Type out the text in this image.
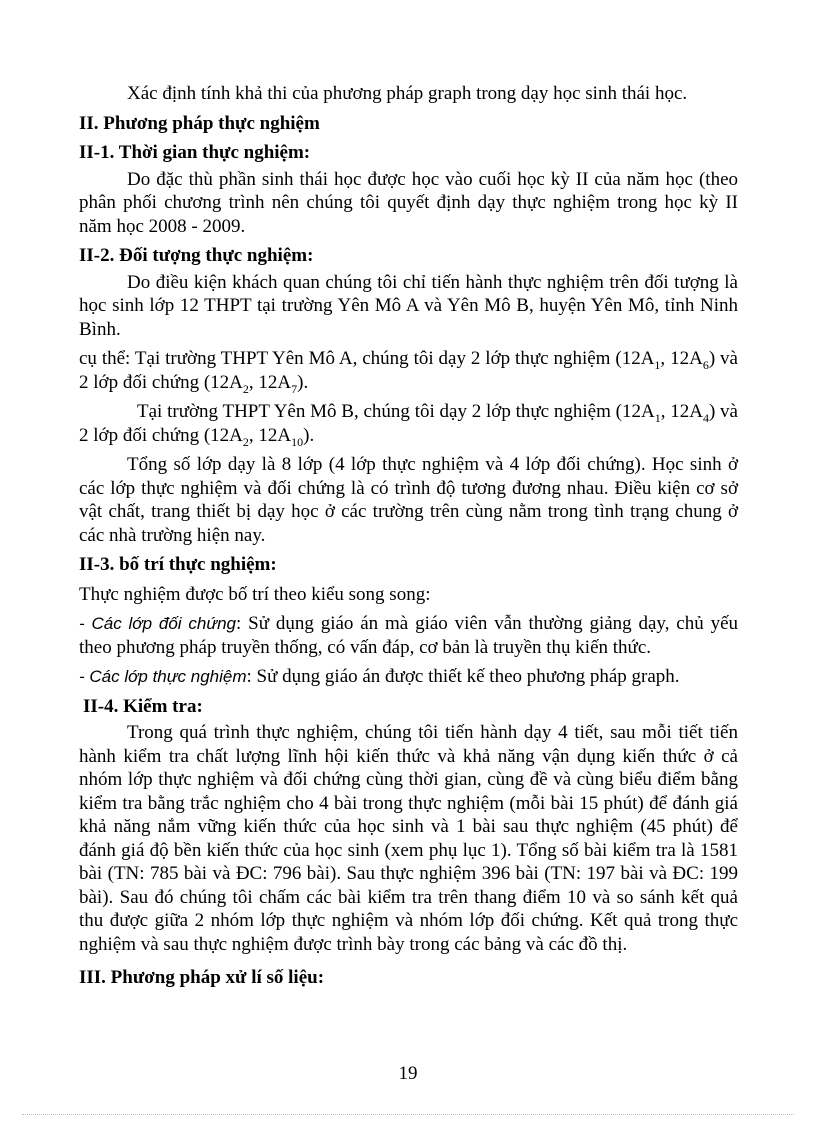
Xác định tính khả thi của phương pháp graph trong dạy học sinh thái học.

II. Phương pháp thực nghiệm

II-1. Thời gian thực nghiệm:

Do đặc thù phần sinh thái học được học vào cuối học kỳ II của năm học (theo phân phối chương trình nên chúng tôi quyết định dạy thực nghiệm trong học kỳ II năm học 2008 - 2009.

II-2. Đối tượng thực nghiệm:

Do điều kiện khách quan chúng tôi chỉ tiến hành thực nghiệm trên đối tượng là học sinh lớp 12 THPT tại trường Yên Mô A và Yên Mô B, huyện Yên Mô, tỉnh Ninh Bình.

cụ thể: Tại trường THPT Yên Mô A, chúng tôi dạy 2 lớp thực nghiệm ($12A_1$, $12A_6$) và 2 lớp đối chứng ($12A_2$, $12A_7$).

Tại trường THPT Yên Mô B, chúng tôi dạy 2 lớp thực nghiệm ($12A_1$, $12A_4$) và 2 lớp đối chứng ($12A_2$, $12A_{10}$).

Tổng số lớp dạy là 8 lớp (4 lớp thực nghiệm và 4 lớp đối chứng). Học sinh ở các lớp thực nghiệm và đối chứng là có trình độ tương đương nhau. Điều kiện cơ sở vật chất, trang thiết bị dạy học ở các trường trên cùng nằm trong tình trạng chung ở các nhà trường hiện nay.

II-3. bố trí thực nghiệm:

Thực nghiệm được bố trí theo kiểu song song:

- Các lớp đối chứng: Sử dụng giáo án mà giáo viên vẫn thường giảng dạy, chủ yếu theo phương pháp truyền thống, có vấn đáp, cơ bản là truyền thụ kiến thức.

- Các lớp thực nghiệm: Sử dụng giáo án được thiết kế theo phương pháp graph.

II-4. Kiểm tra:

Trong quá trình thực nghiệm, chúng tôi tiến hành dạy 4 tiết, sau mỗi tiết tiến hành kiểm tra chất lượng lĩnh hội kiến thức và khả năng vận dụng kiến thức ở cả nhóm lớp thực nghiệm và đối chứng cùng thời gian, cùng đề và cùng biểu điểm bằng kiểm tra bằng trắc nghiệm cho 4 bài trong thực nghiệm (mỗi bài 15 phút) để đánh giá khả năng nắm vững kiến thức của học sinh và 1 bài sau thực nghiệm (45 phút) để đánh giá độ bền kiến thức của học sinh (xem phụ lục 1). Tổng số bài kiểm tra là 1581 bài (TN: 785 bài và ĐC: 796 bài). Sau thực nghiệm 396 bài (TN: 197 bài và ĐC: 199 bài). Sau đó chúng tôi chấm các bài kiểm tra trên thang điểm 10 và so sánh kết quả thu được giữa 2 nhóm lớp thực nghiệm và nhóm lớp đối chứng. Kết quả trong thực nghiệm và sau thực nghiệm được trình bày trong các bảng và các đồ thị.

III. Phương pháp xử lí số liệu:

19
